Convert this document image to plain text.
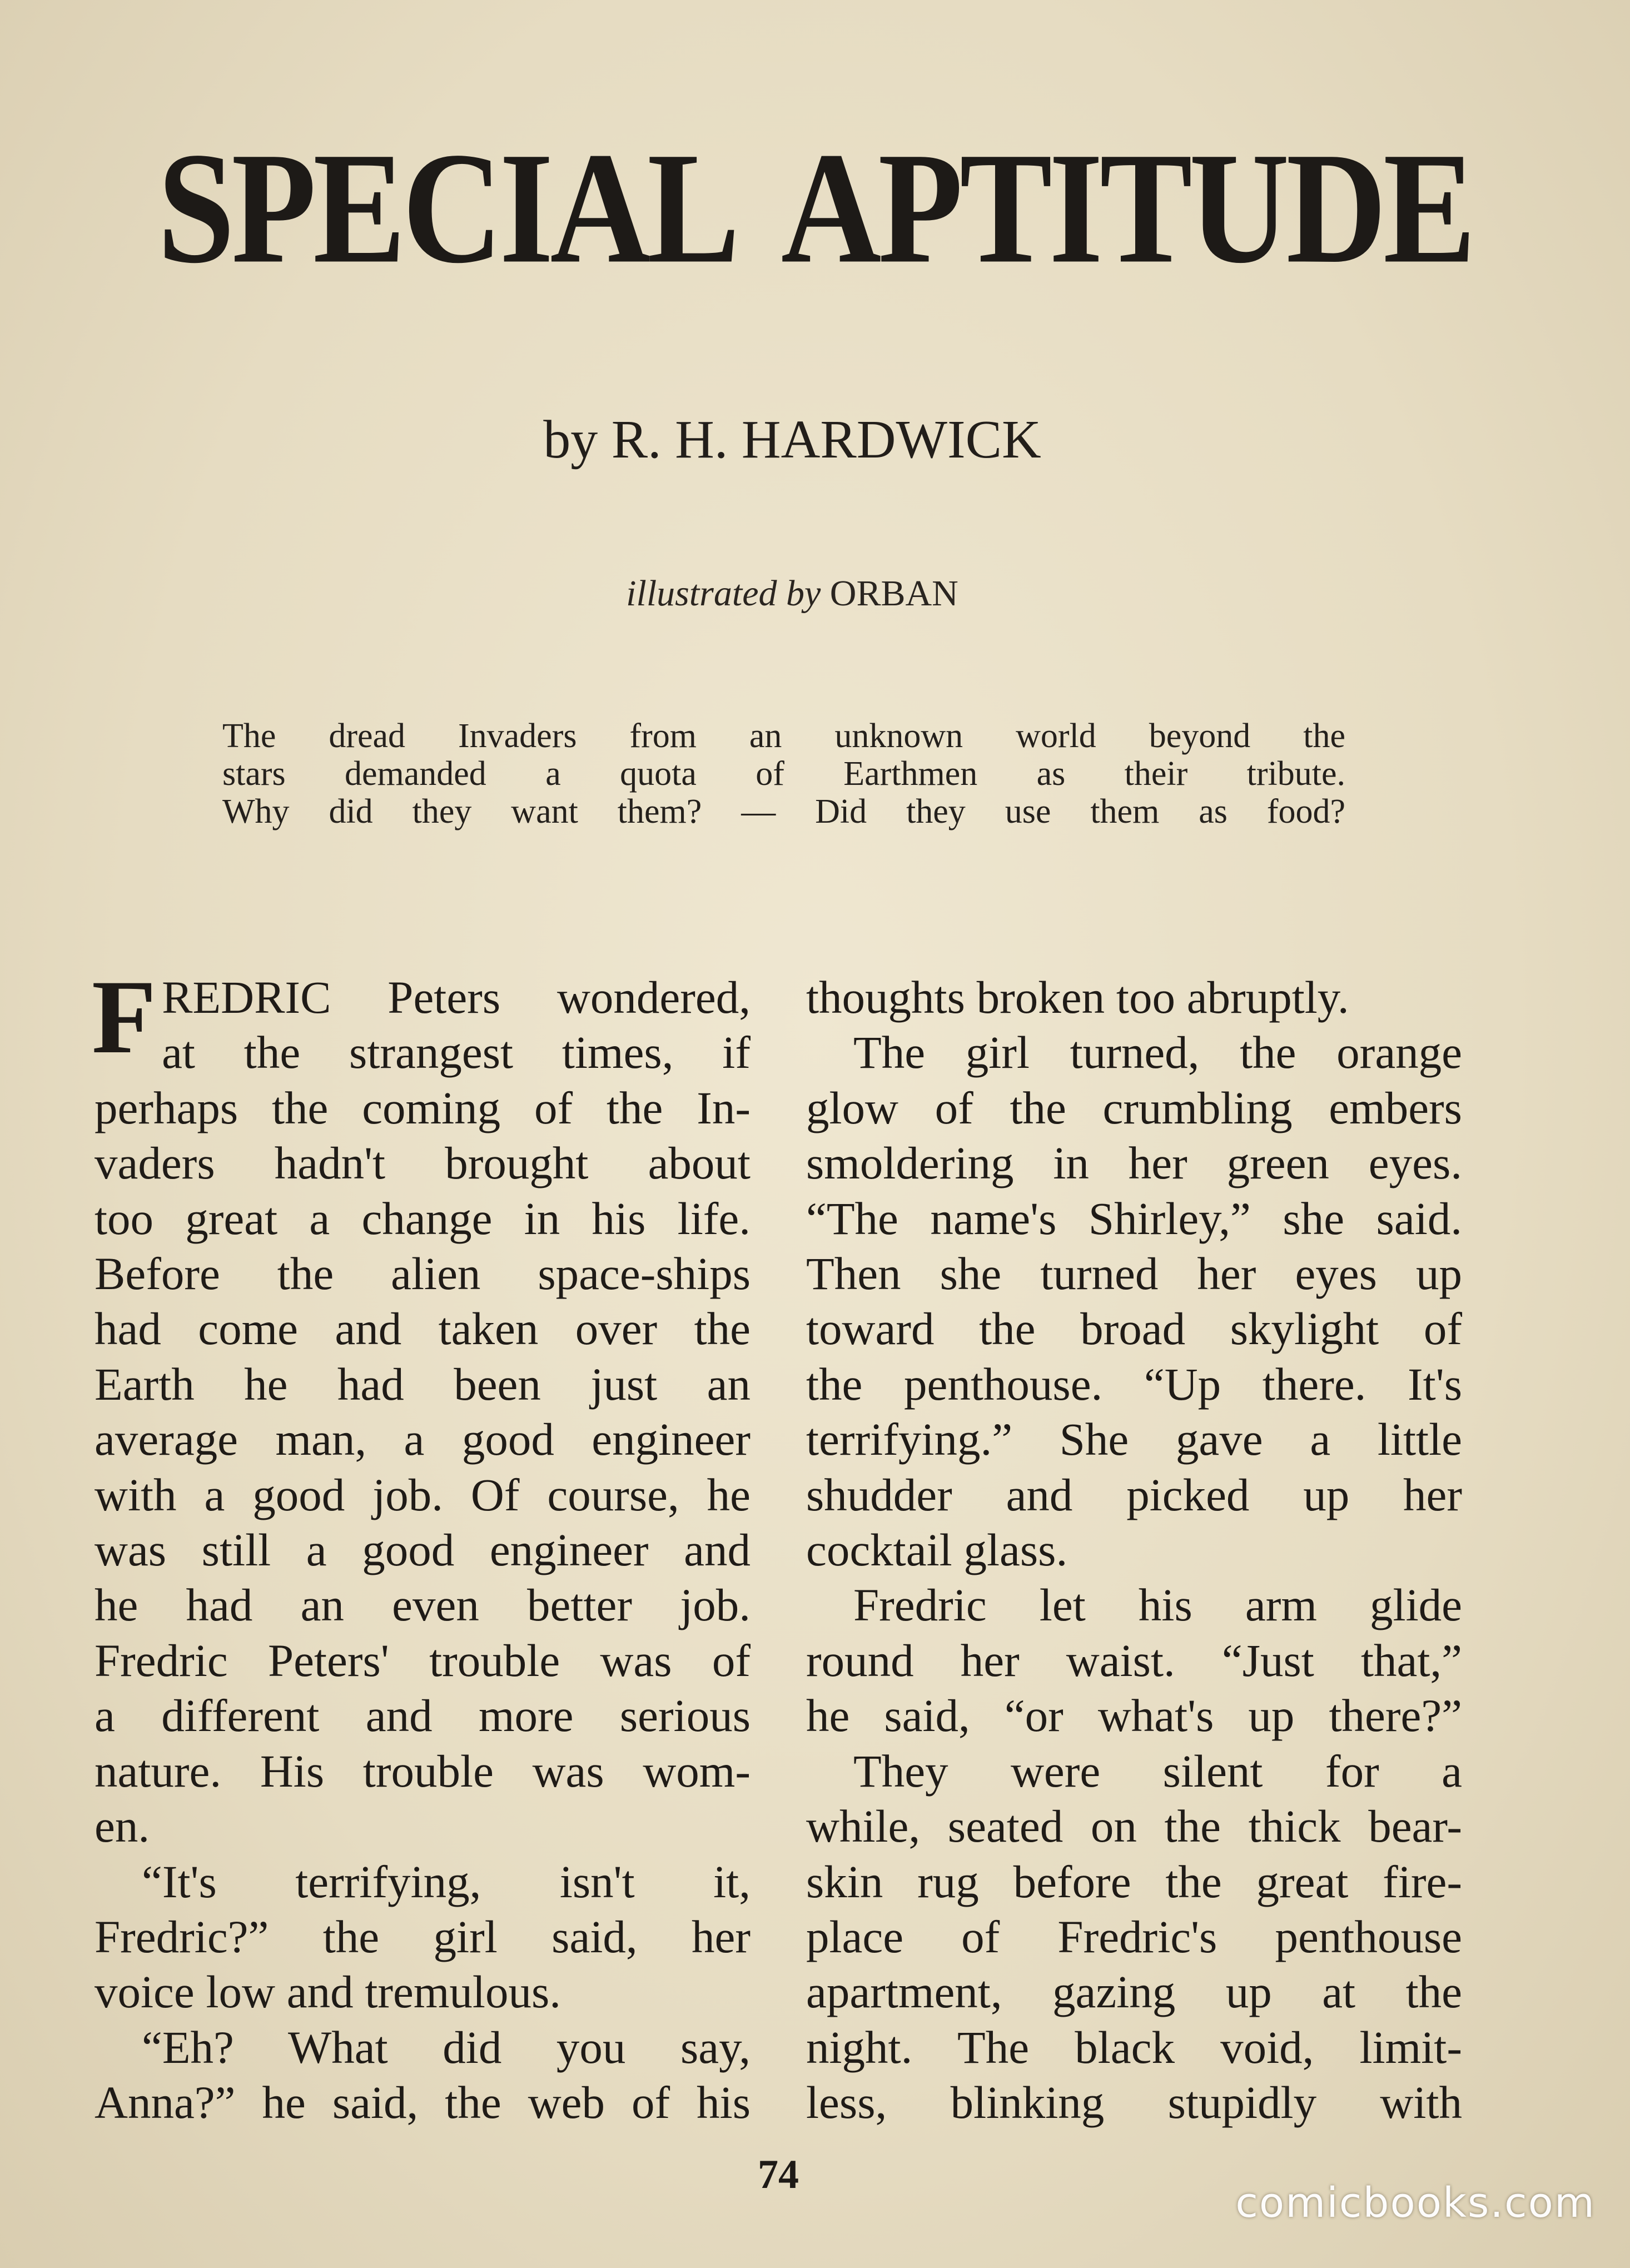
SPECIAL APTITUDE
by R. H. HARDWICK
illustrated by ORBAN
The dread Invaders from an unknown world beyond the
stars demanded a quota of Earthmen as their tribute.
Why did they want them? — Did they use them as food?
F REDRIC Peters wondered,
at the strangest times, if
perhaps the coming of the In-
vaders hadn't brought about
too great a change in his life.
Before the alien space-ships
had come and taken over the
Earth he had been just an
average man, a good engineer
with a good job. Of course, he
was still a good engineer and
he had an even better job.
Fredric Peters' trouble was of
a different and more serious
nature. His trouble was wom-
en.
“It's terrifying, isn't it,
Fredric?” the girl said, her
voice low and tremulous.
“Eh? What did you say,
Anna?” he said, the web of his
thoughts broken too abruptly.
The girl turned, the orange
glow of the crumbling embers
smoldering in her green eyes.
“The name's Shirley,” she said.
Then she turned her eyes up
toward the broad skylight of
the penthouse. “Up there. It's
terrifying.” She gave a little
shudder and picked up her
cocktail glass.
Fredric let his arm glide
round her waist. “Just that,”
he said, “or what's up there?”
They were silent for a
while, seated on the thick bear-
skin rug before the great fire-
place of Fredric's penthouse
apartment, gazing up at the
night. The black void, limit-
less, blinking stupidly with
74
comicbooks.com
